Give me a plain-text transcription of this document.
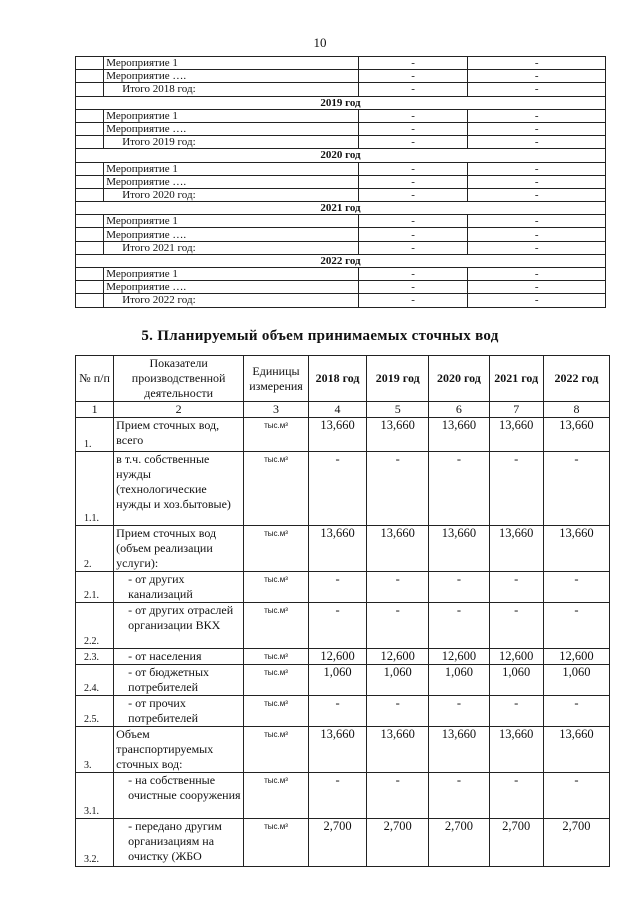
10
	Мероприятие 1	-	-
	Мероприятие ….	-	-
	Итого 2018 год:	-	-
2019 год			
	Мероприятие 1	-	-
	Мероприятие ….	-	-
	Итого 2019 год:	-	-
2020 год			
	Мероприятие 1	-	-
	Мероприятие ….	-	-
	Итого 2020 год:	-	-
2021 год			
	Мероприятие 1	-	-
	Мероприятие ….	-	-
	Итого 2021 год:	-	-
2022 год			
	Мероприятие 1	-	-
	Мероприятие ….	-	-
	Итого 2022 год:	-	-
5. Планируемый объем принимаемых сточных вод
№ п/п	Показатели производственной деятельности	Единицы измерения	2018 год	2019 год	2020 год	2021 год	2022 год
1	2	3	4	5	6	7	8

1.	Прием сточных вод, всего	тыс.м³	13,660	13,660	13,660	13,660	13,660

1.1.	в т.ч. собственные нужды (технологические нужды и хоз.бытовые)	тыс.м³	-	-	-	-	-

2.	Прием сточных вод (объем реализации услуги):	тыс.м³	13,660	13,660	13,660	13,660	13,660

2.1.	- от других канализаций	тыс.м³	-	-	-	-	-

2.2.	- от других отраслей организации ВКХ	тыс.м³	-	-	-	-	-

2.3.	- от населения	тыс.м³	12,600	12,600	12,600	12,600	12,600

2.4.	- от бюджетных потребителей	тыс.м³	1,060	1,060	1,060	1,060	1,060

2.5.	- от прочих потребителей	тыс.м³	-	-	-	-	-

3.	Объем транспортируемых сточных вод:	тыс.м³	13,660	13,660	13,660	13,660	13,660

3.1.	- на собственные очистные сооружения	тыс.м³	-	-	-	-	-

3.2.	- передано другим организациям на очистку (ЖБО	тыс.м³	2,700	2,700	2,700	2,700	2,700
